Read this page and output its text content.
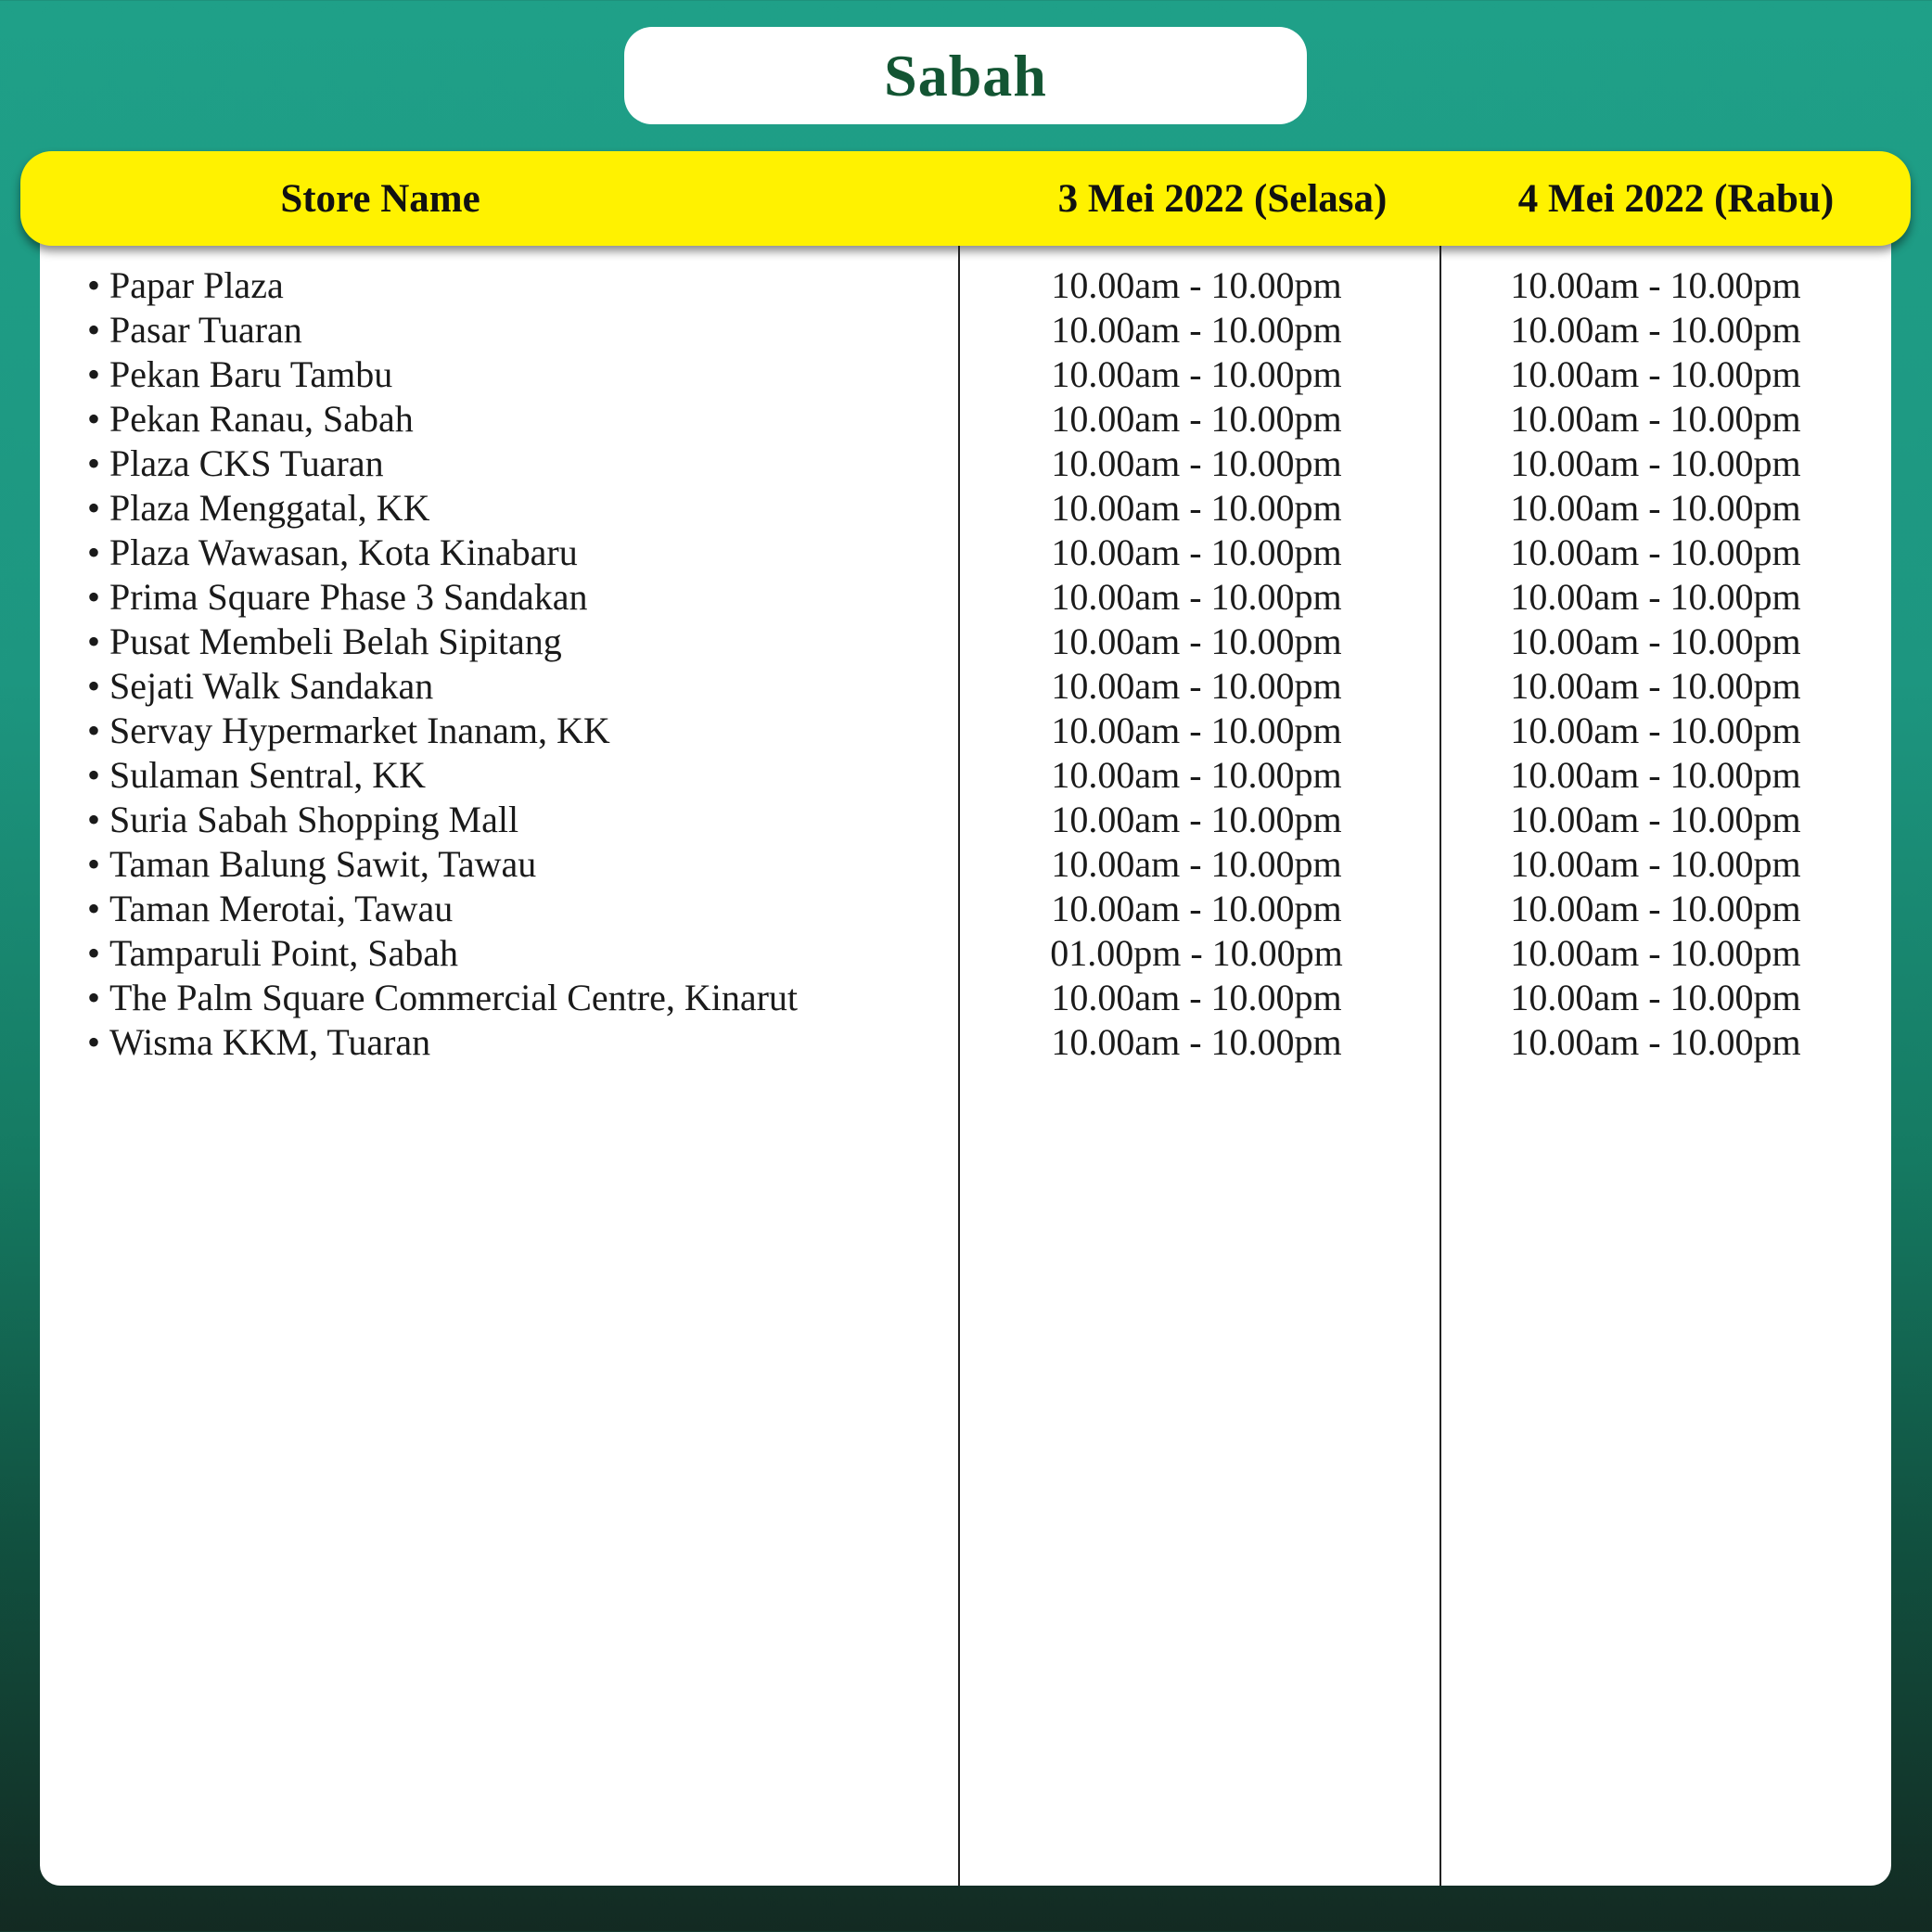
Sabah
Store Name	3 Mei 2022 (Selasa)	4 Mei 2022 (Rabu)
• Papar Plaza	10.00am - 10.00pm	10.00am - 10.00pm
• Pasar Tuaran	10.00am - 10.00pm	10.00am - 10.00pm
• Pekan Baru Tambu	10.00am - 10.00pm	10.00am - 10.00pm
• Pekan Ranau, Sabah	10.00am - 10.00pm	10.00am - 10.00pm
• Plaza CKS Tuaran	10.00am - 10.00pm	10.00am - 10.00pm
• Plaza Menggatal, KK	10.00am - 10.00pm	10.00am - 10.00pm
• Plaza Wawasan, Kota Kinabaru	10.00am - 10.00pm	10.00am - 10.00pm
• Prima Square Phase 3 Sandakan	10.00am - 10.00pm	10.00am - 10.00pm
• Pusat Membeli Belah Sipitang	10.00am - 10.00pm	10.00am - 10.00pm
• Sejati Walk Sandakan	10.00am - 10.00pm	10.00am - 10.00pm
• Servay Hypermarket Inanam, KK	10.00am - 10.00pm	10.00am - 10.00pm
• Sulaman Sentral, KK	10.00am - 10.00pm	10.00am - 10.00pm
• Suria Sabah Shopping Mall	10.00am - 10.00pm	10.00am - 10.00pm
• Taman Balung Sawit, Tawau	10.00am - 10.00pm	10.00am - 10.00pm
• Taman Merotai, Tawau	10.00am - 10.00pm	10.00am - 10.00pm
• Tamparuli Point, Sabah	01.00pm - 10.00pm	10.00am - 10.00pm
• The Palm Square Commercial Centre, Kinarut	10.00am - 10.00pm	10.00am - 10.00pm
• Wisma KKM, Tuaran	10.00am - 10.00pm	10.00am - 10.00pm
